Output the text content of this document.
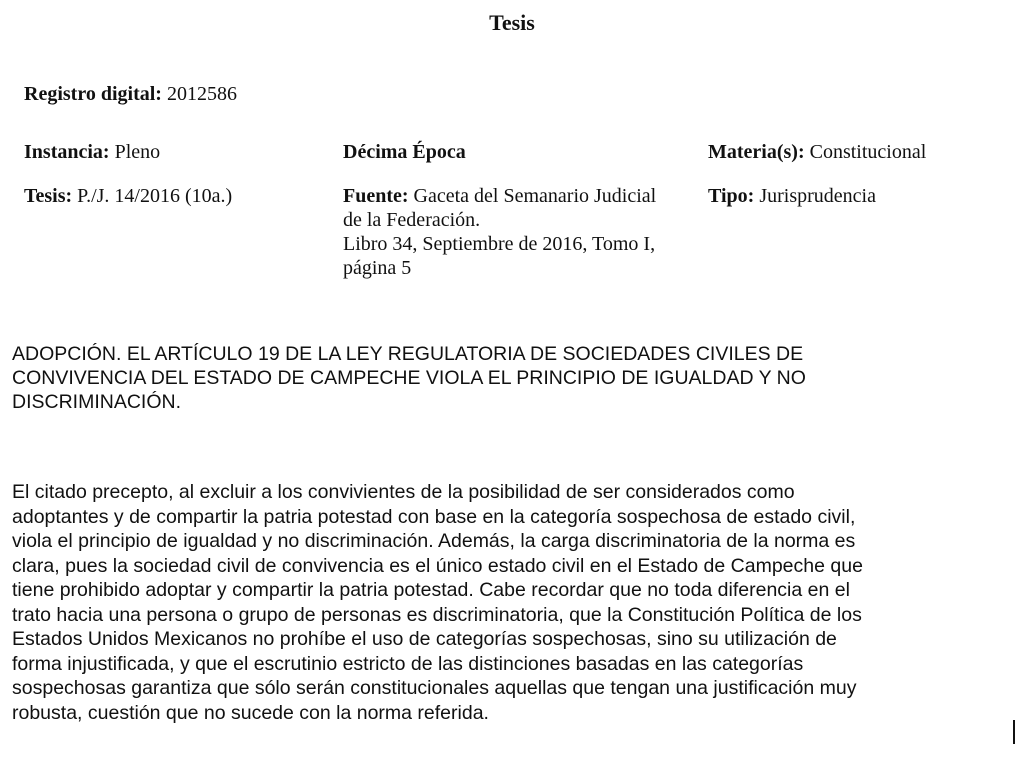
Tesis
Registro digital: 2012586
Instancia: Pleno	Décima Época	Materia(s): Constitucional
Tesis: P./J. 14/2016 (10a.)	Fuente: Gaceta del Semanario Judicial
de la Federación.
Libro 34, Septiembre de 2016, Tomo I,
página 5
Tipo: Jurisprudencia
ADOPCIÓN. EL ARTÍCULO 19 DE LA LEY REGULATORIA DE SOCIEDADES CIVILES DE
CONVIVENCIA DEL ESTADO DE CAMPECHE VIOLA EL PRINCIPIO DE IGUALDAD Y NO
DISCRIMINACIÓN.
El citado precepto, al excluir a los convivientes de la posibilidad de ser considerados como
adoptantes y de compartir la patria potestad con base en la categoría sospechosa de estado civil,
viola el principio de igualdad y no discriminación. Además, la carga discriminatoria de la norma es
clara, pues la sociedad civil de convivencia es el único estado civil en el Estado de Campeche que
tiene prohibido adoptar y compartir la patria potestad. Cabe recordar que no toda diferencia en el
trato hacia una persona o grupo de personas es discriminatoria, que la Constitución Política de los
Estados Unidos Mexicanos no prohíbe el uso de categorías sospechosas, sino su utilización de
forma injustificada, y que el escrutinio estricto de las distinciones basadas en las categorías
sospechosas garantiza que sólo serán constitucionales aquellas que tengan una justificación muy
robusta, cuestión que no sucede con la norma referida.
